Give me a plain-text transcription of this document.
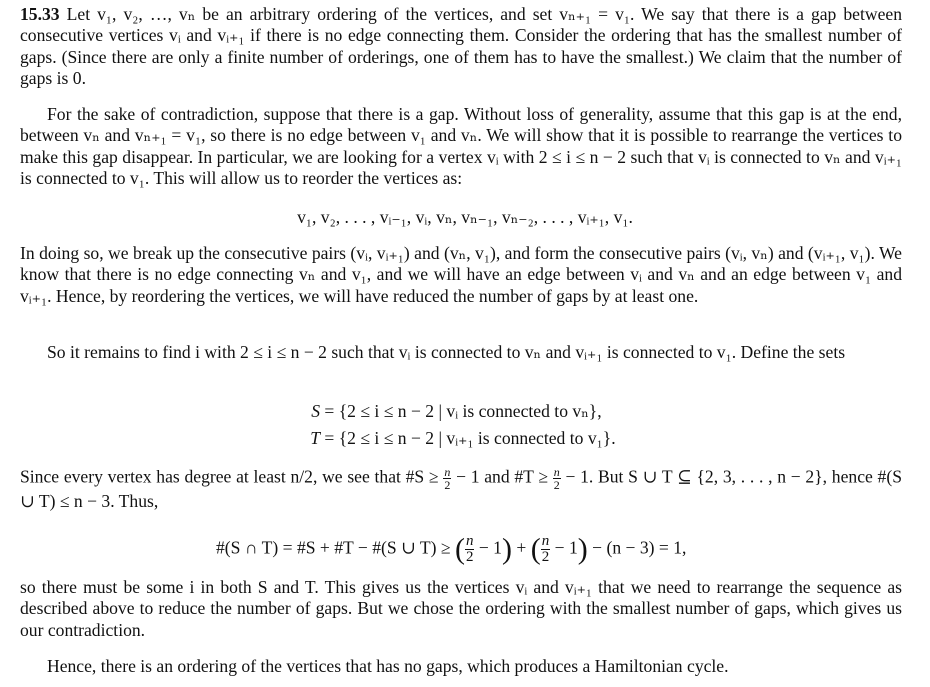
15.33 Let v₁, v₂, …, vₙ be an arbitrary ordering of the vertices, and set vₙ₊₁ = v₁. We say that there is a gap between consecutive vertices vᵢ and vᵢ₊₁ if there is no edge connecting them. Consider the ordering that has the smallest number of gaps. (Since there are only a finite number of orderings, one of them has to have the smallest.) We claim that the number of gaps is 0.

For the sake of contradiction, suppose that there is a gap. Without loss of generality, assume that this gap is at the end, between vₙ and vₙ₊₁ = v₁, so there is no edge between v₁ and vₙ. We will show that it is possible to rearrange the vertices to make this gap disappear. In particular, we are looking for a vertex vᵢ with 2 ≤ i ≤ n − 2 such that vᵢ is connected to vₙ and vᵢ₊₁ is connected to v₁. This will allow us to reorder the vertices as:

v₁, v₂, . . . , vᵢ₋₁, vᵢ, vₙ, vₙ₋₁, vₙ₋₂, . . . , vᵢ₊₁, v₁.

In doing so, we break up the consecutive pairs (vᵢ, vᵢ₊₁) and (vₙ, v₁), and form the consecutive pairs (vᵢ, vₙ) and (vᵢ₊₁, v₁). We know that there is no edge connecting vₙ and v₁, and we will have an edge between vᵢ and vₙ and an edge between v₁ and vᵢ₊₁. Hence, by reordering the vertices, we will have reduced the number of gaps by at least one.

So it remains to find i with 2 ≤ i ≤ n − 2 such that vᵢ is connected to vₙ and vᵢ₊₁ is connected to v₁. Define the sets

S = {2 ≤ i ≤ n − 2 | vᵢ is connected to vₙ},
T = {2 ≤ i ≤ n − 2 | vᵢ₊₁ is connected to v₁}.

Since every vertex has degree at least n/2, we see that #S ≥ $\frac{n}{2} - 1$ and #T ≥ $\frac{n}{2} - 1$. But S ∪ T ⊆ {2, 3, . . . , n − 2}, hence #(S ∪ T) ≤ n − 3. Thus,

#(S ∩ T) = #S + #T − #(S ∪ T) ≥ ( $\frac{n}{2} - 1$) + ( $\frac{n}{2} - 1) - (n - 3) = 1$,

so there must be some i in both S and T. This gives us the vertices vᵢ and vᵢ₊₁ that we need to rearrange the sequence as described above to reduce the number of gaps. But we chose the ordering with the smallest number of gaps, which gives us our contradiction.

Hence, there is an ordering of the vertices that has no gaps, which produces a Hamiltonian cycle.
